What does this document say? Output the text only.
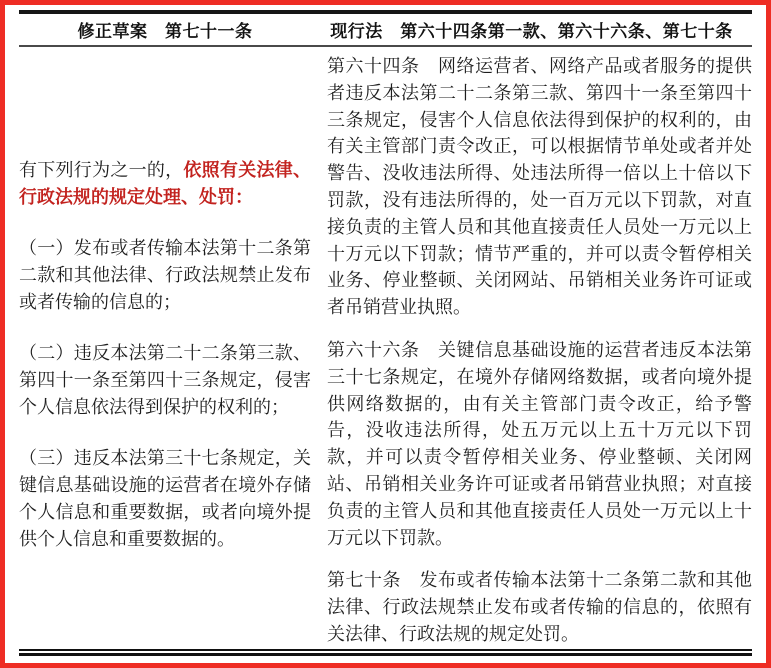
修正草案　第七十一条	现行法　第六十四条第一款、第六十六条、第七十条

有下列行为之一的，依照有关法律、行政法规的规定处理、处罚：

（一）发布或者传输本法第十二条第二款和其他法律、行政法规禁止发布或者传输的信息的；

（二）违反本法第二十二条第三款、第四十一条至第四十三条规定，侵害个人信息依法得到保护的权利的；

（三）违反本法第三十七条规定，关键信息基础设施的运营者在境外存储个人信息和重要数据，或者向境外提供个人信息和重要数据的。

第六十四条　网络运营者、网络产品或者服务的提供者违反本法第二十二条第三款、第四十一条至第四十三条规定，侵害个人信息依法得到保护的权利的，由有关主管部门责令改正，可以根据情节单处或者并处警告、没收违法所得、处违法所得一倍以上十倍以下罚款，没有违法所得的，处一百万元以下罚款，对直接负责的主管人员和其他直接责任人员处一万元以上十万元以下罚款；情节严重的，并可以责令暂停相关业务、停业整顿、关闭网站、吊销相关业务许可证或者吊销营业执照。

第六十六条　关键信息基础设施的运营者违反本法第三十七条规定，在境外存储网络数据，或者向境外提供网络数据的，由有关主管部门责令改正，给予警告，没收违法所得，处五万元以上五十万元以下罚款，并可以责令暂停相关业务、停业整顿、关闭网站、吊销相关业务许可证或者吊销营业执照；对直接负责的主管人员和其他直接责任人员处一万元以上十万元以下罚款。

第七十条　发布或者传输本法第十二条第二款和其他法律、行政法规禁止发布或者传输的信息的，依照有关法律、行政法规的规定处罚。
